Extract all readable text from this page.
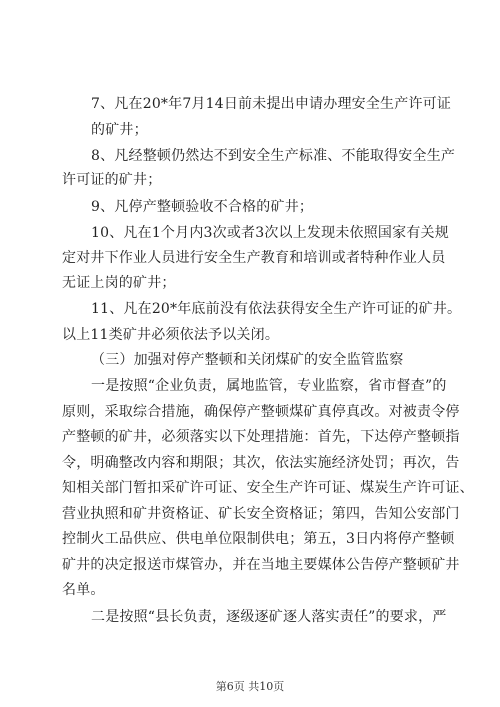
7、凡在20*年7月14日前未提出申请办理安全生产许可证
的矿井；
8、凡经整顿仍然达不到安全生产标准、不能取得安全生产
许可证的矿井；
9、凡停产整顿验收不合格的矿井；
10、凡在1个月内3次或者3次以上发现未依照国家有关规
定对井下作业人员进行安全生产教育和培训或者特种作业人员
无证上岗的矿井；
11、凡在20*年底前没有依法获得安全生产许可证的矿井。
以上11类矿井必须依法予以关闭。
（三）加强对停产整顿和关闭煤矿的安全监管监察
一是按照“企业负责，属地监管，专业监察，省市督查”的
原则，采取综合措施，确保停产整顿煤矿真停真改。对被责令停
产整顿的矿井，必须落实以下处理措施：首先，下达停产整顿指
令，明确整改内容和期限；其次，依法实施经济处罚；再次，告
知相关部门暂扣采矿许可证、安全生产许可证、煤炭生产许可证、
营业执照和矿井资格证、矿长安全资格证；第四，告知公安部门
控制火工品供应、供电单位限制供电；第五，3日内将停产整顿
矿井的决定报送市煤管办，并在当地主要媒体公告停产整顿矿井
名单。
二是按照“县长负责，逐级逐矿逐人落实责任”的要求，严
第6页 共10页
